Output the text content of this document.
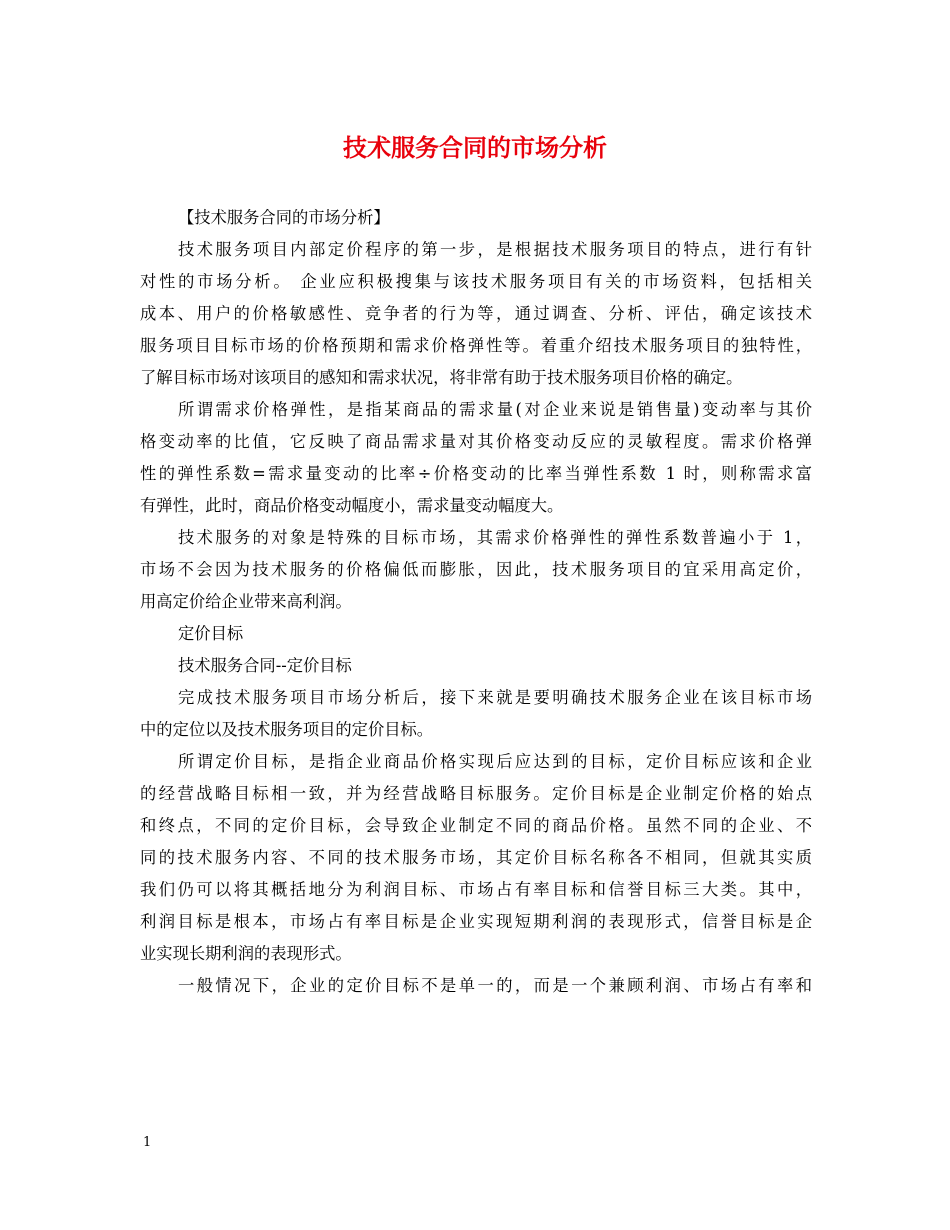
技术服务合同的市场分析
【技术服务合同的市场分析】
技术服务项目内部定价程序的第一步，是根据技术服务项目的特点，进行有针
对性的市场分析。 企业应积极搜集与该技术服务项目有关的市场资料，包括相关
成本、用户的价格敏感性、竞争者的行为等，通过调查、分析、评估，确定该技术
服务项目目标市场的价格预期和需求价格弹性等。着重介绍技术服务项目的独特性，
了解目标市场对该项目的感知和需求状况，将非常有助于技术服务项目价格的确定。
所谓需求价格弹性，是指某商品的需求量(对企业来说是销售量)变动率与其价
格变动率的比值，它反映了商品需求量对其价格变动反应的灵敏程度。需求价格弹
性的弹性系数=需求量变动的比率÷价格变动的比率当弹性系数 1 时，则称需求富
有弹性，此时，商品价格变动幅度小，需求量变动幅度大。
技术服务的对象是特殊的目标市场，其需求价格弹性的弹性系数普遍小于 1，
市场不会因为技术服务的价格偏低而膨胀，因此，技术服务项目的宜采用高定价，
用高定价给企业带来高利润。
定价目标
技术服务合同--定价目标
完成技术服务项目市场分析后，接下来就是要明确技术服务企业在该目标市场
中的定位以及技术服务项目的定价目标。
所谓定价目标，是指企业商品价格实现后应达到的目标，定价目标应该和企业
的经营战略目标相一致，并为经营战略目标服务。定价目标是企业制定价格的始点
和终点，不同的定价目标，会导致企业制定不同的商品价格。虽然不同的企业、不
同的技术服务内容、不同的技术服务市场，其定价目标名称各不相同，但就其实质
我们仍可以将其概括地分为利润目标、市场占有率目标和信誉目标三大类。其中，
利润目标是根本，市场占有率目标是企业实现短期利润的表现形式，信誉目标是企
业实现长期利润的表现形式。
一般情况下，企业的定价目标不是单一的，而是一个兼顾利润、市场占有率和
1
